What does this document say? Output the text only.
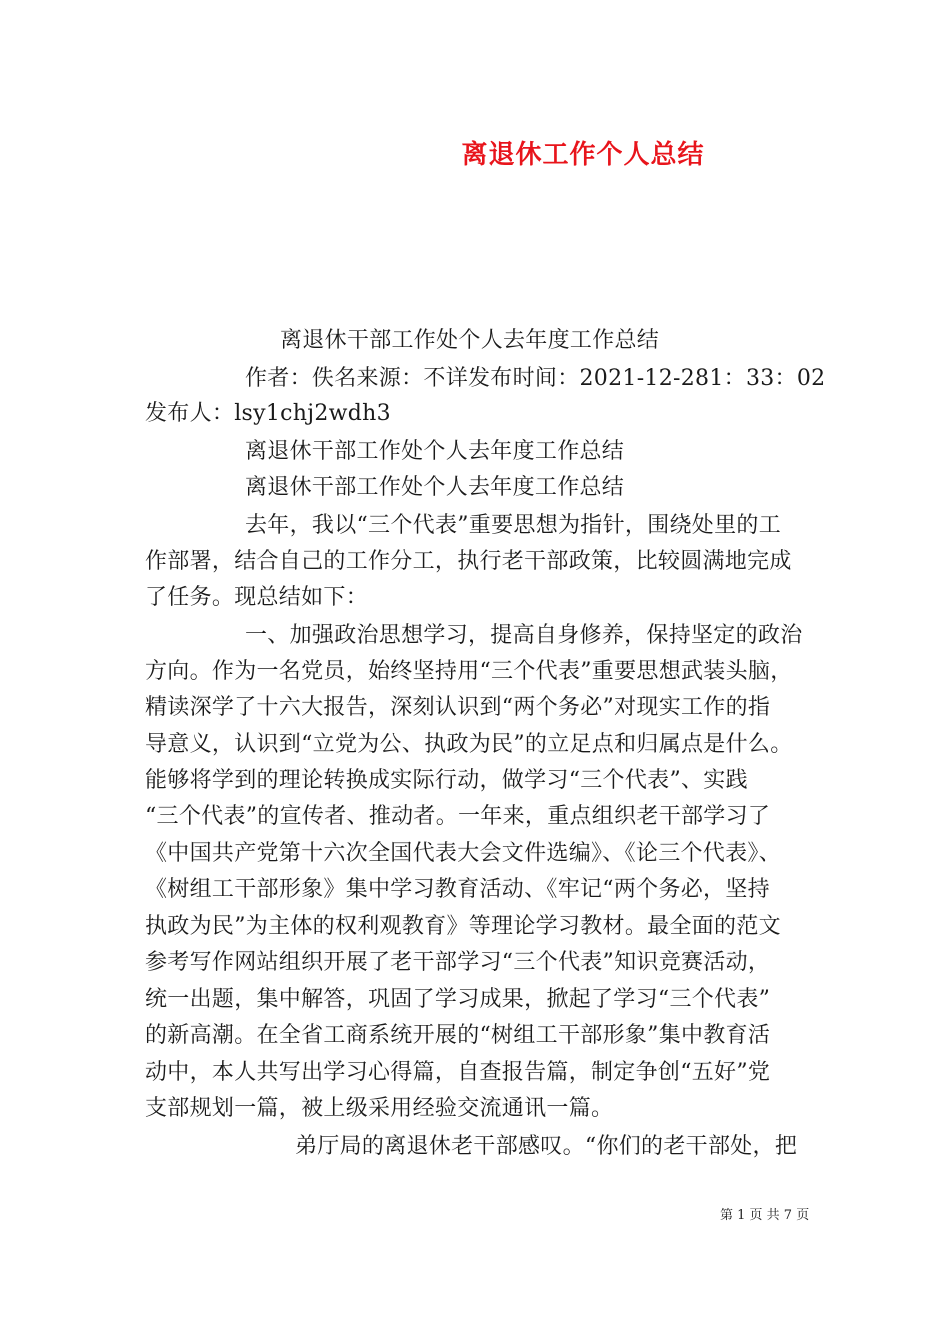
离退休工作个人总结
离退休干部工作处个人去年度工作总结
作者：佚名来源：不详发布时间：2021-12-281：33：02
发布人：lsy1chj2wdh3
离退休干部工作处个人去年度工作总结
离退休干部工作处个人去年度工作总结
去年，我以“三个代表”重要思想为指针，围绕处里的工
作部署，结合自己的工作分工，执行老干部政策，比较圆满地完成
了任务。现总结如下：
一、加强政治思想学习，提高自身修养，保持坚定的政治
方向。作为一名党员，始终坚持用“三个代表”重要思想武装头脑，
精读深学了十六大报告，深刻认识到“两个务必”对现实工作的指
导意义，认识到“立党为公、执政为民”的立足点和归属点是什么。
能够将学到的理论转换成实际行动，做学习“三个代表”、实践
“三个代表”的宣传者、推动者。一年来，重点组织老干部学习了
《中国共产党第十六次全国代表大会文件选编》、《论三个代表》、
《树组工干部形象》集中学习教育活动、《牢记“两个务必，坚持
执政为民”为主体的权利观教育》等理论学习教材。最全面的范文
参考写作网站组织开展了老干部学习“三个代表”知识竞赛活动，
统一出题，集中解答，巩固了学习成果，掀起了学习“三个代表”
的新高潮。在全省工商系统开展的“树组工干部形象”集中教育活
动中，本人共写出学习心得篇，自查报告篇，制定争创“五好”党
支部规划一篇，被上级采用经验交流通讯一篇。
弟厅局的离退休老干部感叹。“你们的老干部处，把
第 1 页 共 7 页
